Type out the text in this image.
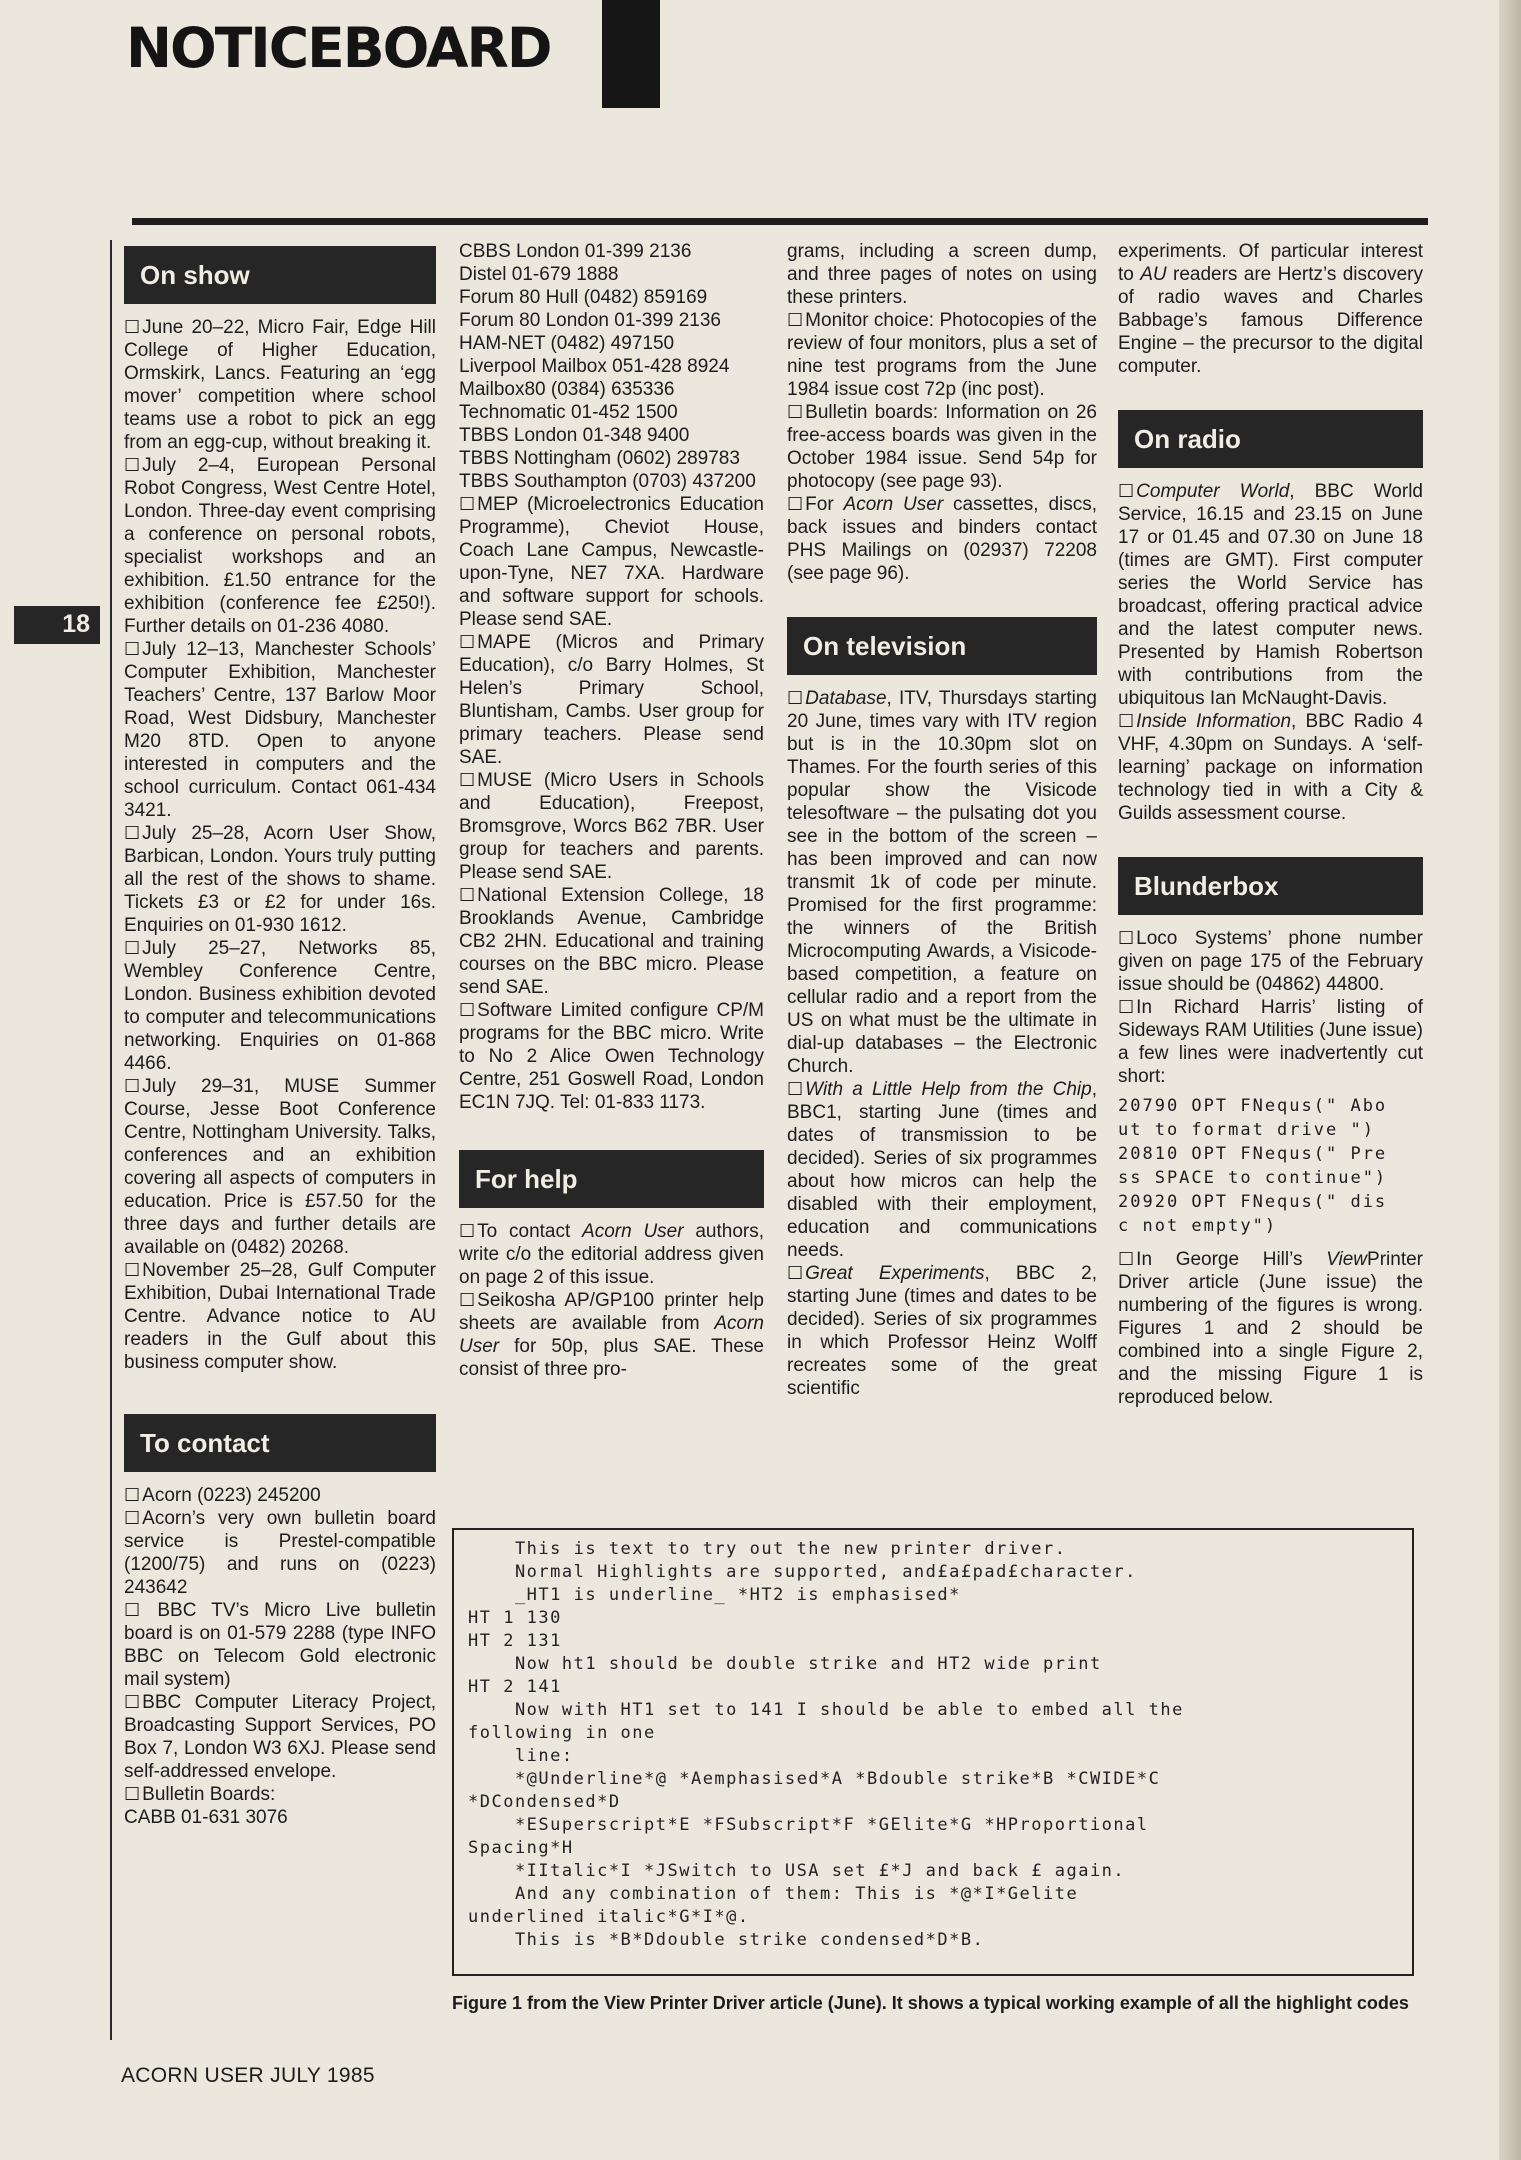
NOTICEBOARD
18
On show

☐ June 20–22, Micro Fair, Edge Hill College of Higher Education, Ormskirk, Lancs. Featuring an ‘egg mover’ competition where school teams use a robot to pick an egg from an egg-cup, without breaking it.

☐ July 2–4, European Personal Robot Congress, West Centre Hotel, London. Three-day event comprising a conference on personal robots, specialist workshops and an exhibition. £1.50 entrance for the exhibition (conference fee £250!). Further details on 01-236 4080.

☐ July 12–13, Manchester Schools’ Computer Exhibition, Manchester Teachers’ Centre, 137 Barlow Moor Road, West Didsbury, Manchester M20 8TD. Open to anyone interested in computers and the school curriculum. Contact 061-434 3421.

☐ July 25–28, Acorn User Show, Barbican, London. Yours truly putting all the rest of the shows to shame. Tickets £3 or £2 for under 16s. Enquiries on 01-930 1612.

☐ July 25–27, Networks 85, Wembley Conference Centre, London. Business exhibition devoted to computer and telecommunications networking. Enquiries on 01-868 4466.

☐ July 29–31, MUSE Summer Course, Jesse Boot Conference Centre, Nottingham University. Talks, conferences and an exhibition covering all aspects of computers in education. Price is £57.50 for the three days and further details are available on (0482) 20268.

☐ November 25–28, Gulf Computer Exhibition, Dubai International Trade Centre. Advance notice to AU readers in the Gulf about this business computer show.

To contact

☐ Acorn (0223) 245200

☐ Acorn’s very own bulletin board service is Prestel-compatible (1200/75) and runs on (0223) 243642

☐ BBC TV’s Micro Live bulletin board is on 01-579 2288 (type INFO BBC on Telecom Gold electronic mail system)

☐ BBC Computer Literacy Project, Broadcasting Support Services, PO Box 7, London W3 6XJ. Please send self-addressed envelope.

☐ Bulletin Boards:

CABB 01-631 3076

CBBS London 01-399 2136

Distel 01-679 1888

Forum 80 Hull (0482) 859169

Forum 80 London 01-399 2136

HAM-NET (0482) 497150

Liverpool Mailbox 051-428 8924

Mailbox80 (0384) 635336

Technomatic 01-452 1500

TBBS London 01-348 9400

TBBS Nottingham (0602) 289783

TBBS Southampton (0703) 437200

☐ MEP (Microelectronics Education Programme), Cheviot House, Coach Lane Campus, Newcastle-upon-Tyne, NE7 7XA. Hardware and software support for schools. Please send SAE.

☐ MAPE (Micros and Primary Education), c/o Barry Holmes, St Helen’s Primary School, Bluntisham, Cambs. User group for primary teachers. Please send SAE.

☐ MUSE (Micro Users in Schools and Education), Freepost, Bromsgrove, Worcs B62 7BR. User group for teachers and parents. Please send SAE.

☐ National Extension College, 18 Brooklands Avenue, Cambridge CB2 2HN. Educational and training courses on the BBC micro. Please send SAE.

☐ Software Limited configure CP/M programs for the BBC micro. Write to No 2 Alice Owen Technology Centre, 251 Goswell Road, London EC1N 7JQ. Tel: 01-833 1173.

For help

☐ To contact Acorn User authors, write c/o the editorial address given on page 2 of this issue.

☐ Seikosha AP/GP100 printer help sheets are available from Acorn User for 50p, plus SAE. These consist of three pro-

grams, including a screen dump, and three pages of notes on using these printers.

☐ Monitor choice: Photocopies of the review of four monitors, plus a set of nine test programs from the June 1984 issue cost 72p (inc post).

☐ Bulletin boards: Information on 26 free-access boards was given in the October 1984 issue. Send 54p for photocopy (see page 93).

☐ For Acorn User cassettes, discs, back issues and binders contact PHS Mailings on (02937) 72208 (see page 96).

On television

☐ Database, ITV, Thursdays starting 20 June, times vary with ITV region but is in the 10.30pm slot on Thames. For the fourth series of this popular show the Visicode telesoftware – the pulsating dot you see in the bottom of the screen – has been improved and can now transmit 1k of code per minute. Promised for the first programme: the winners of the British Microcomputing Awards, a Visicode-based competition, a feature on cellular radio and a report from the US on what must be the ultimate in dial-up databases – the Electronic Church.

☐ With a Little Help from the Chip, BBC1, starting June (times and dates of transmission to be decided). Series of six programmes about how micros can help the disabled with their employment, education and communications needs.

☐ Great Experiments, BBC 2, starting June (times and dates to be decided). Series of six programmes in which Professor Heinz Wolff recreates some of the great scientific

experiments. Of particular interest to AU readers are Hertz’s discovery of radio waves and Charles Babbage’s famous Difference Engine – the precursor to the digital computer.

On radio

☐ Computer World, BBC World Service, 16.15 and 23.15 on June 17 or 01.45 and 07.30 on June 18 (times are GMT). First computer series the World Service has broadcast, offering practical advice and the latest computer news. Presented by Hamish Robertson with contributions from the ubiquitous Ian McNaught-Davis.

☐ Inside Information, BBC Radio 4 VHF, 4.30pm on Sundays. A ‘self-learning’ package on information technology tied in with a City & Guilds assessment course.

Blunderbox

☐ Loco Systems’ phone number given on page 175 of the February issue should be (04862) 44800.

☐ In Richard Harris’ listing of Sideways RAM Utilities (June issue) a few lines were inadvertently cut short:

20790 OPT FNequs(" Abo
ut to format drive ")
20810 OPT FNequs(" Pre
ss SPACE to continue")
20920 OPT FNequs(" dis
c not empty")

☐ In George Hill’s ViewPrinter Driver article (June issue) the numbering of the figures is wrong. Figures 1 and 2 should be combined into a single Figure 2, and the missing Figure 1 is reproduced below.

This is text to try out the new printer driver.
Normal Highlights are supported, and£a£pad£character.
_HT1 is underline_ *HT2 is emphasised*
HT 1 130
HT 2 131
Now ht1 should be double strike and HT2 wide print
HT 2 141
Now with HT1 set to 141 I should be able to embed all the
following in one
line:
*@Underline*@ *Aemphasised*A *Bdouble strike*B *CWIDE*C
*DCondensed*D
*ESuperscript*E *FSubscript*F *GElite*G *HProportional
Spacing*H
*IItalic*I *JSwitch to USA set £*J and back £ again.
And any combination of them: This is *@*I*Gelite
underlined italic*G*I*@.
This is *B*Ddouble strike condensed*D*B.
Figure 1 from the View Printer Driver article (June). It shows a typical working example of all the highlight codes
ACORN USER JULY 1985
